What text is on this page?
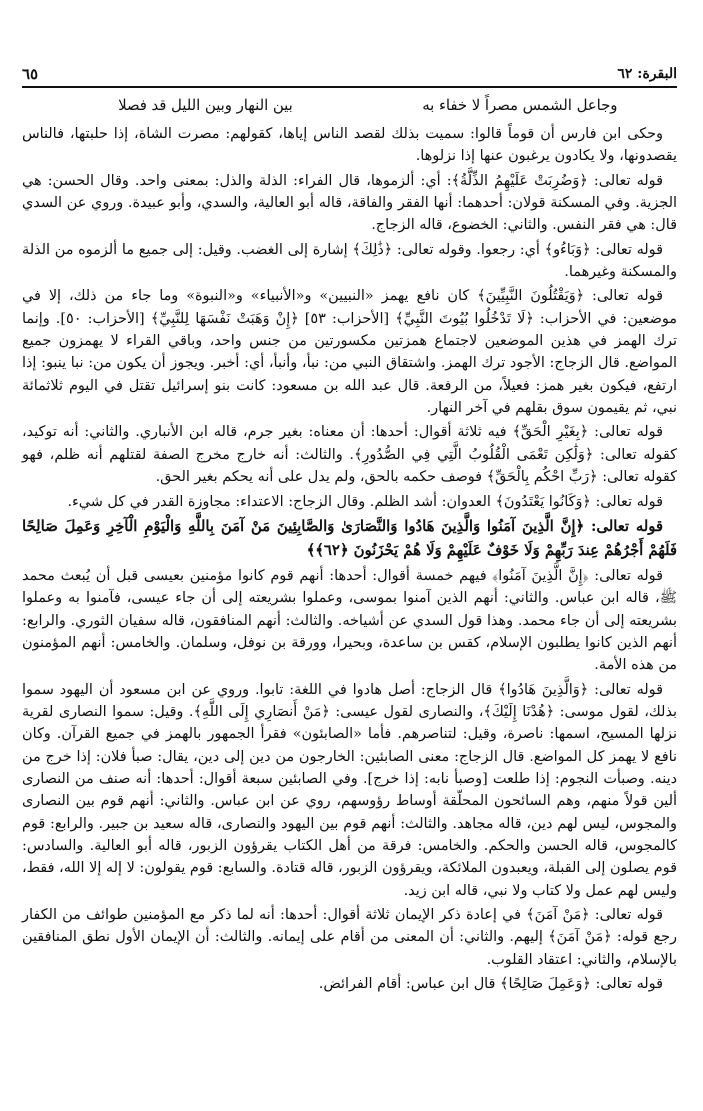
البقرة: ٦٢
٦٥
وجاعل الشمس مصراً لا خفاء بهبين النهار وبين الليل قد فصلا

وحكى ابن فارس أن قوماً قالوا: سميت بذلك لقصد الناس إياها، كقولهم: مصرت الشاة، إذا حلبتها، فالناس يقصدونها، ولا يكادون يرغبون عنها إذا نزلوها.

قوله تعالى: ﴿وَضُرِبَتْ عَلَيْهِمُ الذِّلَّةُ﴾: أي: ألزموها، قال الفراء: الذلة والذل: بمعنى واحد. وقال الحسن: هي الجزية. وفي المسكنة قولان: أحدهما: أنها الفقر والفاقة، قاله أبو العالية، والسدي، وأبو عبيدة. وروي عن السدي قال: هي فقر النفس. والثاني: الخضوع، قاله الزجاج.

قوله تعالى: ﴿وَبَاءُو﴾ أي: رجعوا. وقوله تعالى: ﴿ذَٰلِكَ﴾ إشارة إلى الغضب. وقيل: إلى جميع ما ألزموه من الذلة والمسكنة وغيرهما.

قوله تعالى: ﴿وَيَقْتُلُونَ النَّبِيِّينَ﴾ كان نافع يهمز «النبيين» و«الأنبياء» و«النبوة» وما جاء من ذلك، إلا في موضعين: في الأحزاب: ﴿لَا تَدْخُلُوا بُيُوتَ النَّبِيِّ﴾ [الأحزاب: ٥٣] ﴿إِنْ وَهَبَتْ نَفْسَهَا لِلنَّبِيِّ﴾ [الأحزاب: ٥٠]. وإنما ترك الهمز في هذين الموضعين لاجتماع همزتين مكسورتين من جنس واحد، وباقي القراء لا يهمزون جميع المواضع. قال الزجاج: الأجود ترك الهمز. واشتقاق النبي من: نبأ، وأنبأ، أي: أخبر. ويجوز أن يكون من: نبا ينبو: إذا ارتفع، فيكون بغير همز: فعيلاً، من الرفعة. قال عبد الله بن مسعود: كانت بنو إسرائيل تقتل في اليوم ثلاثمائة نبي، ثم يقيمون سوق بقلهم في آخر النهار.

قوله تعالى: ﴿بِغَيْرِ الْحَقِّ﴾ فيه ثلاثة أقوال: أحدها: أن معناه: بغير جرم، قاله ابن الأنباري. والثاني: أنه توكيد، كقوله تعالى: ﴿وَلَٰكِن تَعْمَى الْقُلُوبُ الَّتِي فِي الصُّدُورِ﴾. والثالث: أنه خارج مخرج الصفة لقتلهم أنه ظلم، فهو كقوله تعالى: ﴿رَبِّ احْكُم بِالْحَقِّ﴾ فوصف حكمه بالحق، ولم يدل على أنه يحكم بغير الحق.

قوله تعالى: ﴿وَكَانُوا يَعْتَدُونَ﴾ العدوان: أشد الظلم. وقال الزجاج: الاعتداء: مجاوزة القدر في كل شيء.

قوله تعالى: ﴿إِنَّ الَّذِينَ آمَنُوا وَالَّذِينَ هَادُوا وَالنَّصَارَىٰ وَالصَّابِئِينَ مَنْ آمَنَ بِاللَّهِ وَالْيَوْمِ الْآخِرِ وَعَمِلَ صَالِحًا فَلَهُمْ أَجْرُهُمْ عِندَ رَبِّهِمْ وَلَا خَوْفٌ عَلَيْهِمْ وَلَا هُمْ يَحْزَنُونَ ﴿٦٢﴾﴾

قوله تعالى: ﴿إِنَّ الَّذِينَ آمَنُوا﴾ فيهم خمسة أقوال: أحدها: أنهم قوم كانوا مؤمنين بعيسى قبل أن يُبعث محمد ﷺ، قاله ابن عباس. والثاني: أنهم الذين آمنوا بموسى، وعملوا بشريعته إلى أن جاء عيسى، فآمنوا به وعملوا بشريعته إلى أن جاء محمد. وهذا قول السدي عن أشياخه. والثالث: أنهم المنافقون، قاله سفيان الثوري. والرابع: أنهم الذين كانوا يطلبون الإسلام، كقس بن ساعدة، وبحيرا، وورقة بن نوفل، وسلمان. والخامس: أنهم المؤمنون من هذه الأمة.

قوله تعالى: ﴿وَالَّذِينَ هَادُوا﴾ قال الزجاج: أصل هادوا في اللغة: تابوا. وروي عن ابن مسعود أن اليهود سموا بذلك، لقول موسى: ﴿هُدْنَا إِلَيْكَ﴾، والنصارى لقول عيسى: ﴿مَنْ أَنصَارِي إِلَى اللَّهِ﴾. وقيل: سموا النصارى لقرية نزلها المسيح، اسمها: ناصرة، وقيل: لتناصرهم. فأما «الصابئون» فقرأ الجمهور بالهمز في جميع القرآن. وكان نافع لا يهمز كل المواضع. قال الزجاج: معنى الصابئين: الخارجون من دين إلى دين، يقال: صبأ فلان: إذا خرج من دينه. وصبأت النجوم: إذا طلعت [وصبأ نابه: إذا خرج]. وفي الصابئين سبعة أقوال: أحدها: أنه صنف من النصارى ألين قولاً منهم، وهم السائحون المحلّقة أوساط رؤوسهم، روي عن ابن عباس. والثاني: أنهم قوم بين النصارى والمجوس، ليس لهم دين، قاله مجاهد. والثالث: أنهم قوم بين اليهود والنصارى، قاله سعيد بن جبير. والرابع: قوم كالمجوس، قاله الحسن والحكم. والخامس: فرقة من أهل الكتاب يقرؤون الزبور، قاله أبو العالية. والسادس: قوم يصلون إلى القبلة، ويعبدون الملائكة، ويقرؤون الزبور، قاله قتادة. والسابع: قوم يقولون: لا إله إلا الله، فقط، وليس لهم عمل ولا كتاب ولا نبي، قاله ابن زيد.

قوله تعالى: ﴿مَنْ آمَنَ﴾ في إعادة ذكر الإيمان ثلاثة أقوال: أحدها: أنه لما ذكر مع المؤمنين طوائف من الكفار رجع قوله: ﴿مَنْ آمَنَ﴾ إليهم. والثاني: أن المعنى من أقام على إيمانه. والثالث: أن الإيمان الأول نطق المنافقين بالإسلام، والثاني: اعتقاد القلوب.

قوله تعالى: ﴿وَعَمِلَ صَالِحًا﴾ قال ابن عباس: أقام الفرائض.
